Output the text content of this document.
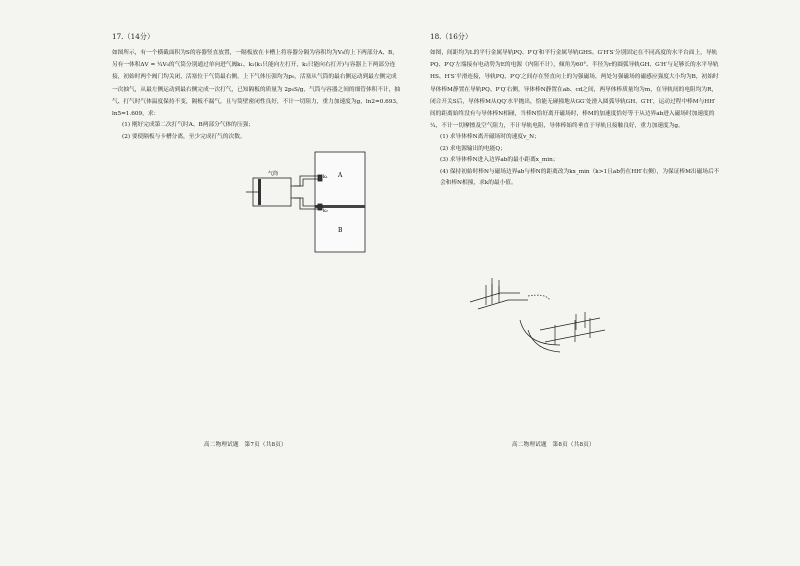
17.（14分）

如图所示，有一个横截面积为S的容器竖直放置，一隔板放在卡槽上将容器分隔为容积均为V₀的上下两部分A、B，另有一体积ΔV = ¼V₀的气筒分别通过单向进气阀k₁、k₂(k₁只能向左打开，k₂只能向右打开)与容器上下两部分连接，初始时两个阀门均关闭，活塞位于气筒最右侧。上下气体压强均为p₀，活塞从气筒的最右侧运动到最左侧完成一次抽气，从最左侧运动到最右侧完成一次打气，已知隔板的质量为 2p₀S/g，气筒与容器之间的细管体积不计，抽气、打气时气体温度保持不变，隔板不漏气，且与筒壁密闭性良好，不计一切阻力，重力加速度为g，ln2=0.693，ln5=1.609，求：

(1) 刚好完成第二次打气时A、B两部分气体的压强；

(2) 要使隔板与卡槽分离，至少完成打气的次数。

气筒
k₁
k₂
A
B
18.（16分）

如图，间距均为L的平行金属导轨PQ、P′Q′和平行金属导轨GHS、G′H′S′分别固定在不同高度的水平台面上，导轨PQ、P′Q′左端接有电动势为E的电源（内阻不计），倾角为60°、半径为r的圆弧导轨GH、G′H′与足够长的水平导轨HS、H′S′平滑连接，导轨PQ、P′Q′之间存在竖直向上的匀强磁场，两处匀强磁场的磁感应强度大小均为B，初始时导体棒M静置在导轨PQ、P′Q′右侧，导体棒N静置在ab、cd之间，两导体棒质量均为m，在导轨间的电阻均为R，闭合开关S后，导体棒M从QQ′水平抛出，恰能无碰撞地从GG′处滑入圆弧导轨GH、G′H′，运动过程中棒M与HH′间的距离始终没有与导体棒N相碰，当棒N恰好离开磁场时，棒M的加速度恰好等于从边界ab进入磁场时加速度的¼，不计一切摩擦及空气阻力，不计导轨电阻，导体棒始终垂直于导轨且接触良好，重力加速度为g。

(1) 求导体棒N离开磁场时的速度v_N；

(2) 求电源输出的电能Q；

(3) 求导体棒N进入边界ab的最小距离x_min；

(4) 保持初始时棒N与磁场边界ab与棒N的距离改为kx_min（k>1且ab仍在HH′右侧），为保证棒M出磁场后不会和棒N相撞，求k的最小值。

高二物理试题　第7页（共8页）	高二物理试题　第8页（共8页）
